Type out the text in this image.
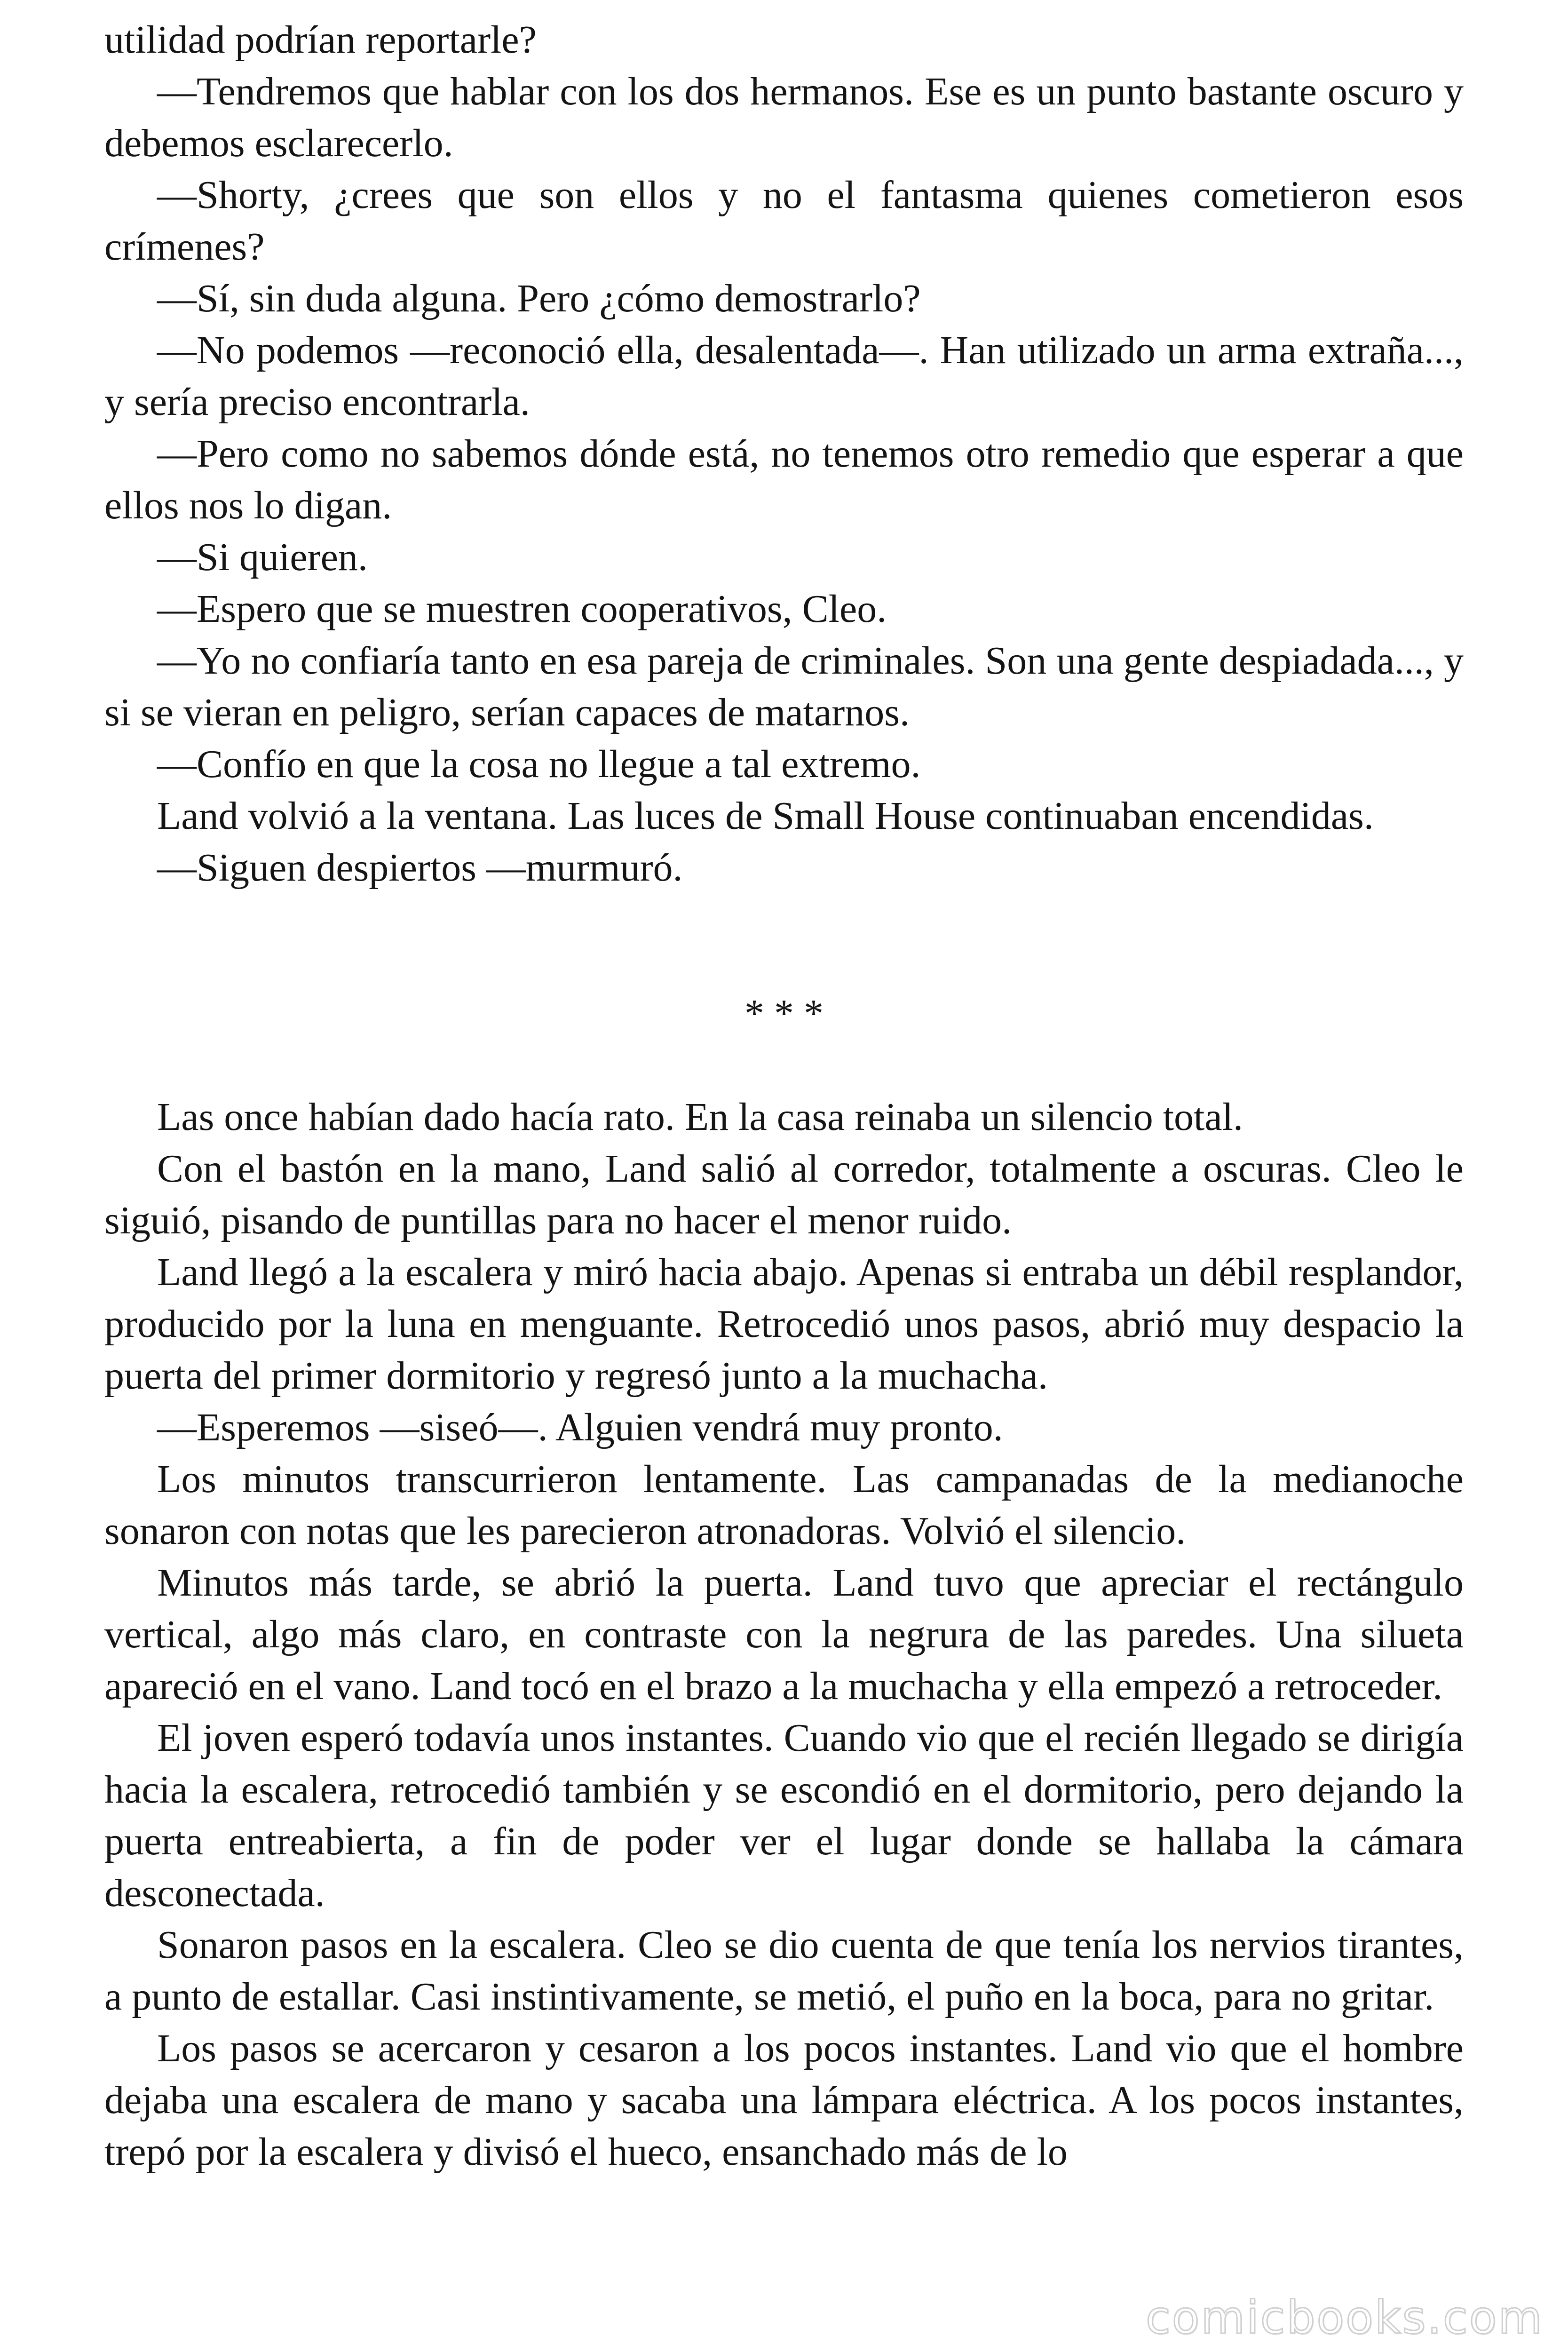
utilidad podrían reportarle?

—Tendremos que hablar con los dos hermanos. Ese es un punto bastante oscuro y debemos esclarecerlo.

—Shorty, ¿crees que son ellos y no el fantasma quienes cometieron esos crímenes?

—Sí, sin duda alguna. Pero ¿cómo demostrarlo?

—No podemos —reconoció ella, desalentada—. Han utilizado un arma extraña..., y sería preciso encontrarla.

—Pero como no sabemos dónde está, no tenemos otro remedio que esperar a que ellos nos lo digan.

—Si quieren.

—Espero que se muestren cooperativos, Cleo.

—Yo no confiaría tanto en esa pareja de criminales. Son una gente despiadada..., y si se vieran en peligro, serían capaces de matarnos.

—Confío en que la cosa no llegue a tal extremo.

Land volvió a la ventana. Las luces de Small House continuaban encendidas.

—Siguen despiertos —murmuró.

* * *

Las once habían dado hacía rato. En la casa reinaba un silencio total.

Con el bastón en la mano, Land salió al corredor, totalmente a oscuras. Cleo le siguió, pisando de puntillas para no hacer el menor ruido.

Land llegó a la escalera y miró hacia abajo. Apenas si entraba un débil resplandor, producido por la luna en menguante. Retrocedió unos pasos, abrió muy despacio la puerta del primer dormitorio y regresó junto a la muchacha.

—Esperemos —siseó—. Alguien vendrá muy pronto.

Los minutos transcurrieron lentamente. Las campanadas de la medianoche sonaron con notas que les parecieron atronadoras. Volvió el silencio.

Minutos más tarde, se abrió la puerta. Land tuvo que apreciar el rectángulo vertical, algo más claro, en contraste con la negrura de las paredes. Una silueta apareció en el vano. Land tocó en el brazo a la muchacha y ella empezó a retroceder.

El joven esperó todavía unos instantes. Cuando vio que el recién llegado se dirigía hacia la escalera, retrocedió también y se escondió en el dormitorio, pero dejando la puerta entreabierta, a fin de poder ver el lugar donde se hallaba la cámara desconectada.

Sonaron pasos en la escalera. Cleo se dio cuenta de que tenía los nervios tirantes, a punto de estallar. Casi instintivamente, se metió, el puño en la boca, para no gritar.

Los pasos se acercaron y cesaron a los pocos instantes. Land vio que el hombre dejaba una escalera de mano y sacaba una lámpara eléctrica. A los pocos instantes, trepó por la escalera y divisó el hueco, ensanchado más de lo

comicbooks.com
